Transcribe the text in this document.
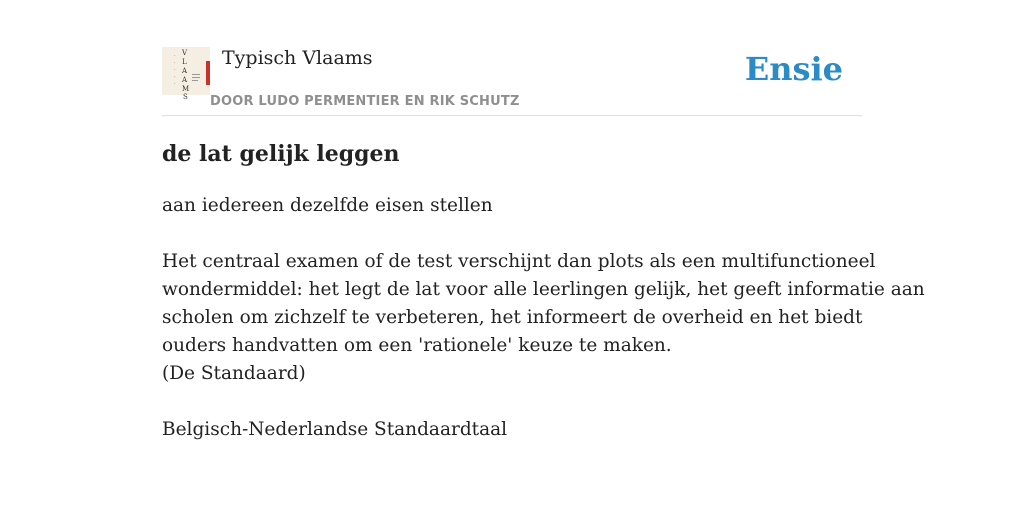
·
·
·
·
·
V
L
A
A
M
S
Typisch Vlaams
DOOR LUDO PERMENTIER EN RIK SCHUTZ
Ensie
de lat gelijk leggen
aan iedereen dezelfde eisen stellen
Het centraal examen of de test verschijnt dan plots als een multifunctioneel
wondermiddel: het legt de lat voor alle leerlingen gelijk, het geeft informatie aan
scholen om zichzelf te verbeteren, het informeert de overheid en het biedt
ouders handvatten om een 'rationele' keuze te maken.
(De Standaard)
Belgisch-Nederlandse Standaardtaal
